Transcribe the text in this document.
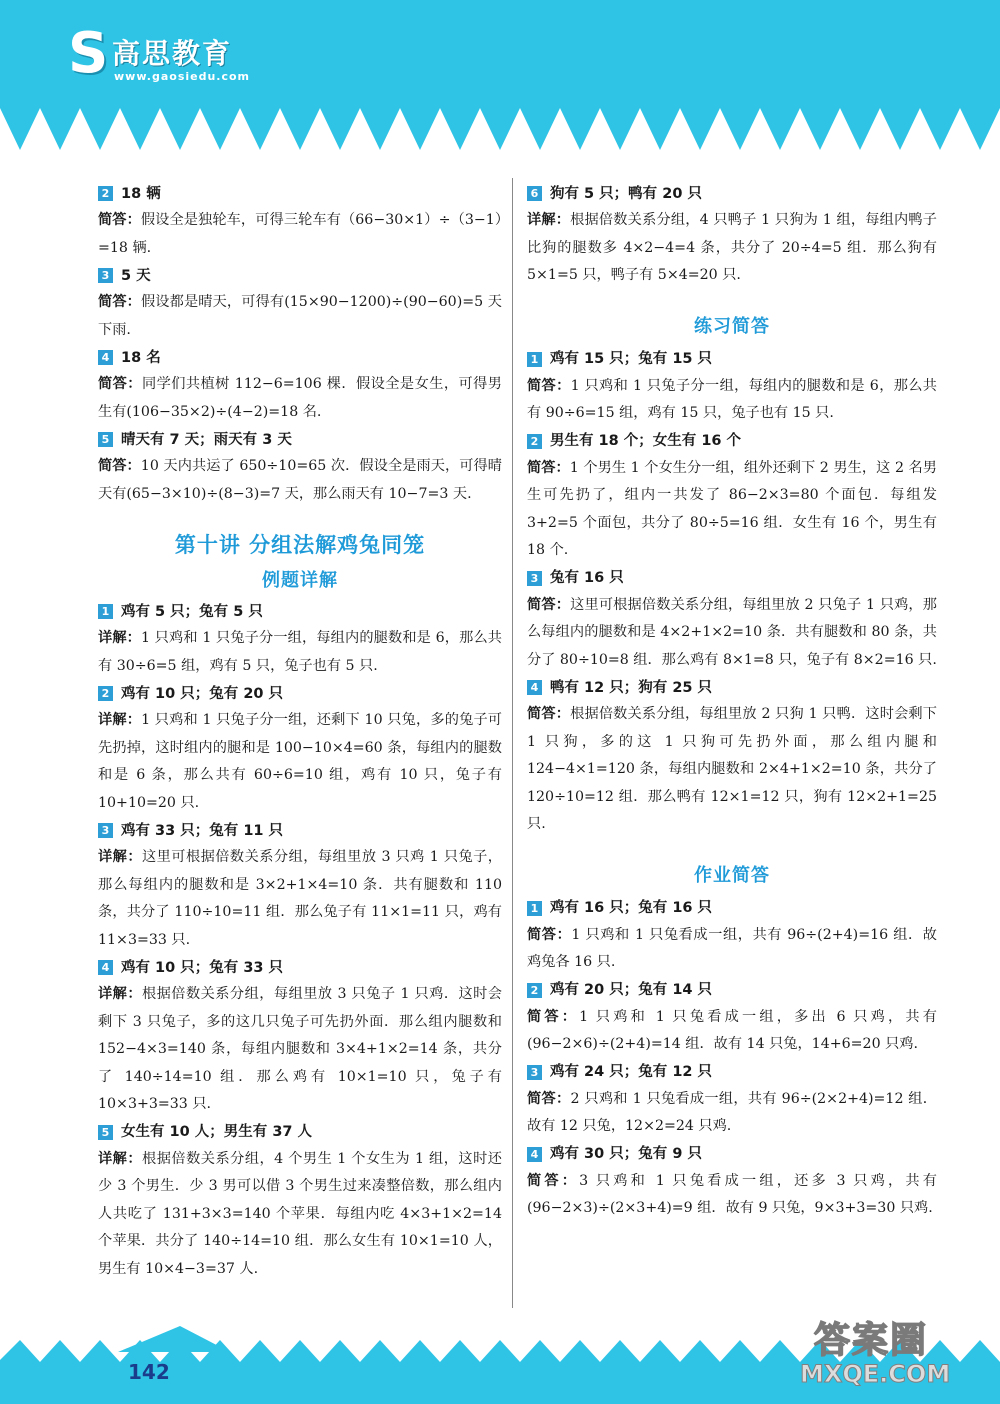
S 高思教育
www.gaosiedu.com
2 18 辆
简答：假设全是独轮车，可得三轮车有（66−30×1）÷（3−1）=18 辆.
3 5 天
简答：假设都是晴天，可得有(15×90−1200)÷(90−60)=5 天下雨.
4 18 名
简答：同学们共植树 112−6=106 棵．假设全是女生，可得男生有(106−35×2)÷(4−2)=18 名.
5 晴天有 7 天；雨天有 3 天
简答：10 天内共运了 650÷10=65 次．假设全是雨天，可得晴天有(65−3×10)÷(8−3)=7 天，那么雨天有 10−7=3 天.
第十讲 分组法解鸡兔同笼
例题详解
1 鸡有 5 只；兔有 5 只
详解：1 只鸡和 1 只兔子分一组，每组内的腿数和是 6，那么共有 30÷6=5 组，鸡有 5 只，兔子也有 5 只.
2 鸡有 10 只；兔有 20 只
详解：1 只鸡和 1 只兔子分一组，还剩下 10 只兔，多的兔子可先扔掉，这时组内的腿和是 100−10×4=60 条，每组内的腿数和是 6 条，那么共有 60÷6=10 组，鸡有 10 只，兔子有 10+10=20 只.
3 鸡有 33 只；兔有 11 只
详解：这里可根据倍数关系分组，每组里放 3 只鸡 1 只兔子，那么每组内的腿数和是 3×2+1×4=10 条．共有腿数和 110 条，共分了 110÷10=11 组．那么兔子有 11×1=11 只，鸡有 11×3=33 只.
4 鸡有 10 只；兔有 33 只
详解：根据倍数关系分组，每组里放 3 只兔子 1 只鸡．这时会剩下 3 只兔子，多的这几只兔子可先扔外面．那么组内腿数和 152−4×3=140 条，每组内腿数和 3×4+1×2=14 条，共分了 140÷14=10 组．那么鸡有 10×1=10 只，兔子有 10×3+3=33 只.
5 女生有 10 人；男生有 37 人
详解：根据倍数关系分组，4 个男生 1 个女生为 1 组，这时还少 3 个男生．少 3 男可以借 3 个男生过来凑整倍数，那么组内人共吃了 131+3×3=140 个苹果．每组内吃 4×3+1×2=14 个苹果．共分了 140÷14=10 组．那么女生有 10×1=10 人，男生有 10×4−3=37 人.
6 狗有 5 只；鸭有 20 只
详解：根据倍数关系分组，4 只鸭子 1 只狗为 1 组，每组内鸭子比狗的腿数多 4×2−4=4 条，共分了 20÷4=5 组．那么狗有 5×1=5 只，鸭子有 5×4=20 只.
练习简答
1 鸡有 15 只；兔有 15 只
简答：1 只鸡和 1 只兔子分一组，每组内的腿数和是 6，那么共有 90÷6=15 组，鸡有 15 只，兔子也有 15 只.
2 男生有 18 个；女生有 16 个
简答：1 个男生 1 个女生分一组，组外还剩下 2 男生，这 2 名男生可先扔了，组内一共发了 86−2×3=80 个面包．每组发 3+2=5 个面包，共分了 80÷5=16 组．女生有 16 个，男生有 18 个.
3 兔有 16 只
简答：这里可根据倍数关系分组，每组里放 2 只兔子 1 只鸡，那么每组内的腿数和是 4×2+1×2=10 条．共有腿数和 80 条，共分了 80÷10=8 组．那么鸡有 8×1=8 只，兔子有 8×2=16 只.
4 鸭有 12 只；狗有 25 只
简答：根据倍数关系分组，每组里放 2 只狗 1 只鸭．这时会剩下 1 只狗，多的这 1 只狗可先扔外面，那么组内腿和 124−4×1=120 条，每组内腿数和 2×4+1×2=10 条，共分了 120÷10=12 组．那么鸭有 12×1=12 只，狗有 12×2+1=25 只.
作业简答
1 鸡有 16 只；兔有 16 只
简答：1 只鸡和 1 只兔看成一组，共有 96÷(2+4)=16 组．故鸡兔各 16 只.
2 鸡有 20 只；兔有 14 只
简答：1 只鸡和 1 只兔看成一组，多出 6 只鸡，共有(96−2×6)÷(2+4)=14 组．故有 14 只兔，14+6=20 只鸡.
3 鸡有 24 只；兔有 12 只
简答：2 只鸡和 1 只兔看成一组，共有 96÷(2×2+4)=12 组．故有 12 只兔，12×2=24 只鸡.
4 鸡有 30 只；兔有 9 只
简答：3 只鸡和 1 只兔看成一组，还多 3 只鸡，共有(96−2×3)÷(2×3+4)=9 组．故有 9 只兔，9×3+3=30 只鸡.
142
答案圈
MXQE.COM
